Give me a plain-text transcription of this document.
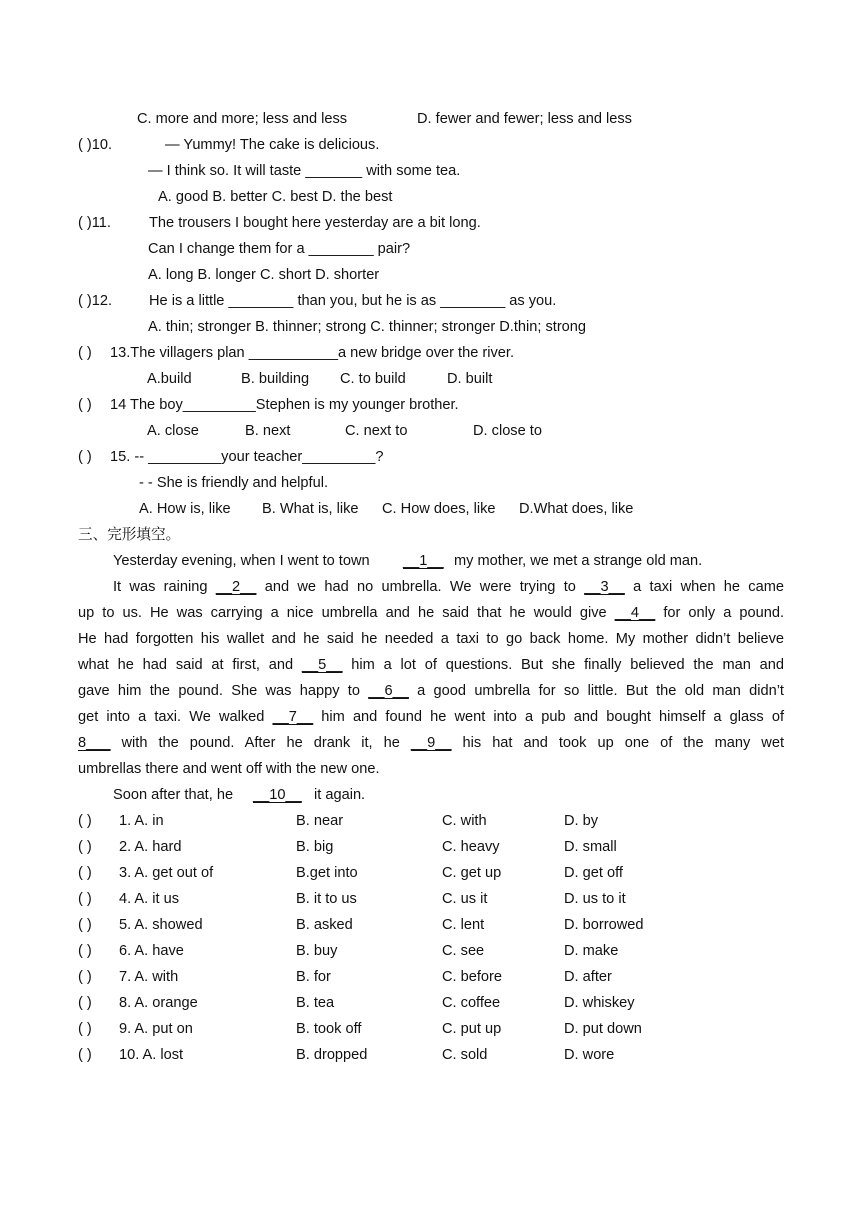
C. more and more; less and less	D. fewer and fewer; less and less
( )10.	— Yummy! The cake is delicious.
— I think so. It will taste _______ with some tea.
A. good B. better C. best D. the best
( )11.	The trousers I bought here yesterday are a bit long.
Can I change them for a ________ pair?
A. long B. longer C. short D. shorter
( )12.	He is a little ________ than you, but he is as ________ as you.
A. thin; stronger B. thinner; strong C. thinner; stronger D.thin; strong
( ) 13.The villagers plan ___________a new bridge over the river.
A.build	B. building C. to build	D. built
( ) 14 The boy_________Stephen is my younger brother.
A. close	B. next	C. next to	D. close to
( ) 15. -- _________your teacher_________?
- - She is friendly and helpful.
A. How is, like B. What is, like C. How does, like D.What does, like
三、完形填空。
Yesterday evening, when I went to town __1__ my mother, we met a strange old man.
It was raining __2__ and we had no umbrella. We were trying to __3__ a taxi when he came
up to us. He was carrying a nice umbrella and he said that he would give __4__ for only a pound.
He had forgotten his wallet and he said he needed a taxi to go back home. My mother didn’t believe
what he had said at first, and __5__ him a lot of questions. But she finally believed the man and
gave him the pound. She was happy to __6__ a good umbrella for so little. But the old man didn’t
get into a taxi. We walked __7__ him and found he went into a pub and bought himself a glass of
8___ with the pound. After he drank it, he __9__ his hat and took up one of the many wet
umbrellas there and went off with the new one.
Soon after that, he __10__ it again.
( ) 1. A. in	B. near	C. with	D. by
( ) 2. A. hard	B. big	C. heavy	D. small
( ) 3. A. get out of	B.get into	C. get up	D. get off
( ) 4. A. it us	B. it to us	C. us it	D. us to it
( ) 5. A. showed	B. asked	C. lent	D. borrowed
( ) 6. A. have	B. buy	C. see	D. make
( ) 7. A. with	B. for	C. before	D. after
( ) 8. A. orange	B. tea	C. coffee	D. whiskey
( ) 9. A. put on	B. took off	C. put up	D. put down
( ) 10. A. lost	B. dropped	C. sold	D. wore
